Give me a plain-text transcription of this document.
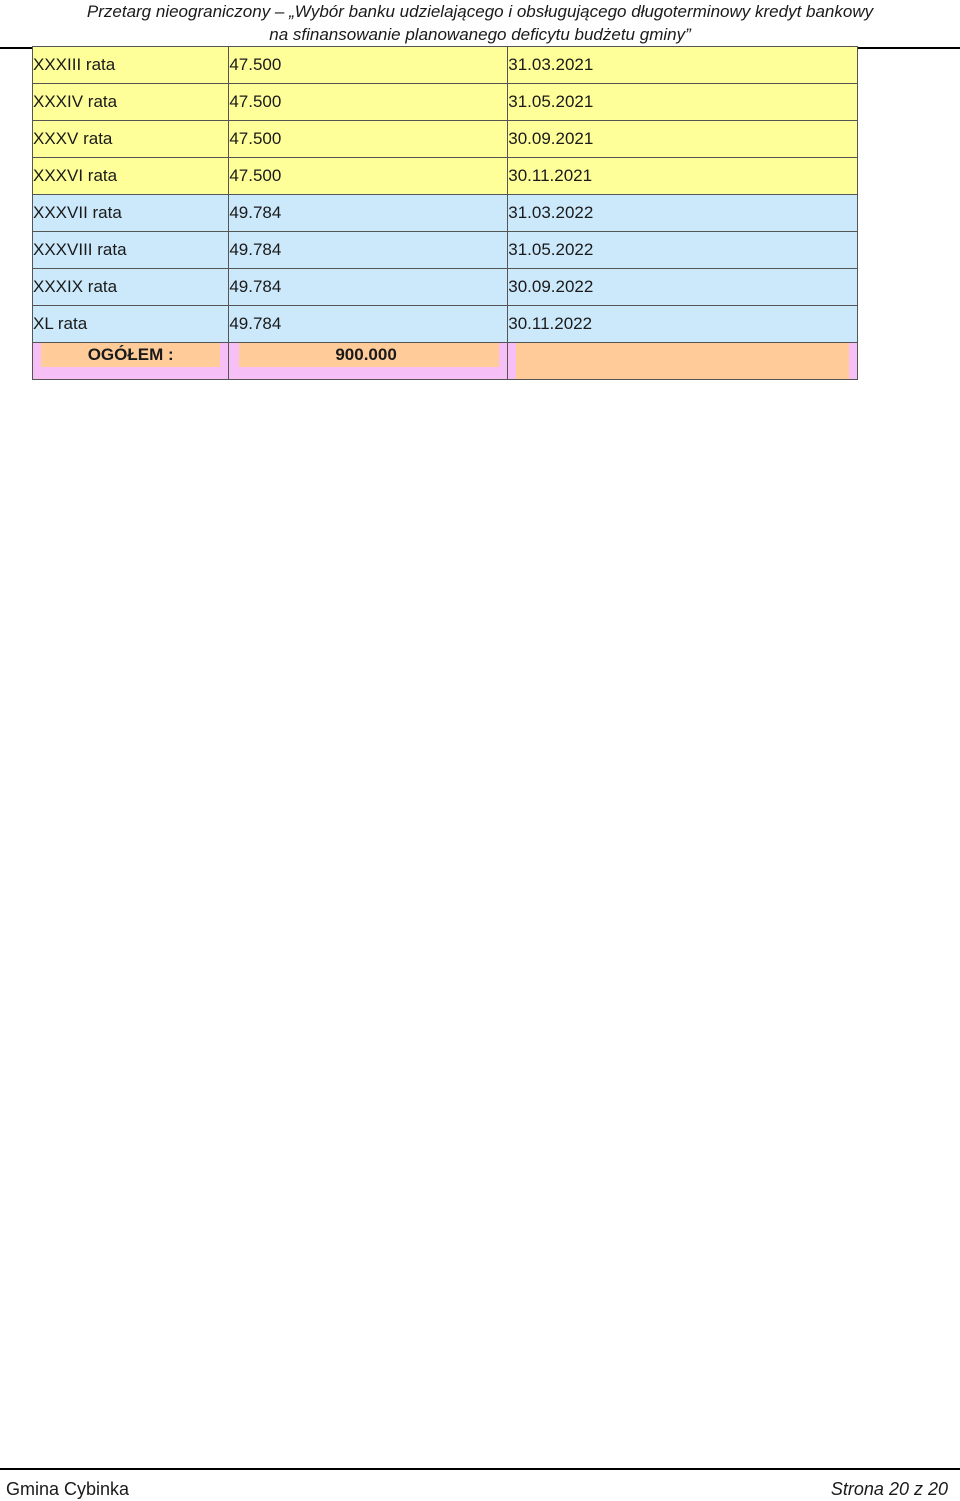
Przetarg nieograniczony – „Wybór banku udzielającego i obsługującego długoterminowy kredyt bankowy
na sfinansowanie planowanego deficytu budżetu gminy”
XXXIII rata	47.500	31.03.2021
XXXIV rata	47.500	31.05.2021
XXXV rata	47.500	30.09.2021
XXXVI rata	47.500	30.11.2021
XXXVII rata	49.784	31.03.2022
XXXVIII rata	49.784	31.05.2022
XXXIX rata	49.784	30.09.2022
XL rata	49.784	30.11.2022

OGÓŁEM :	900.000	

Gmina Cybinka	Strona 20 z 20
